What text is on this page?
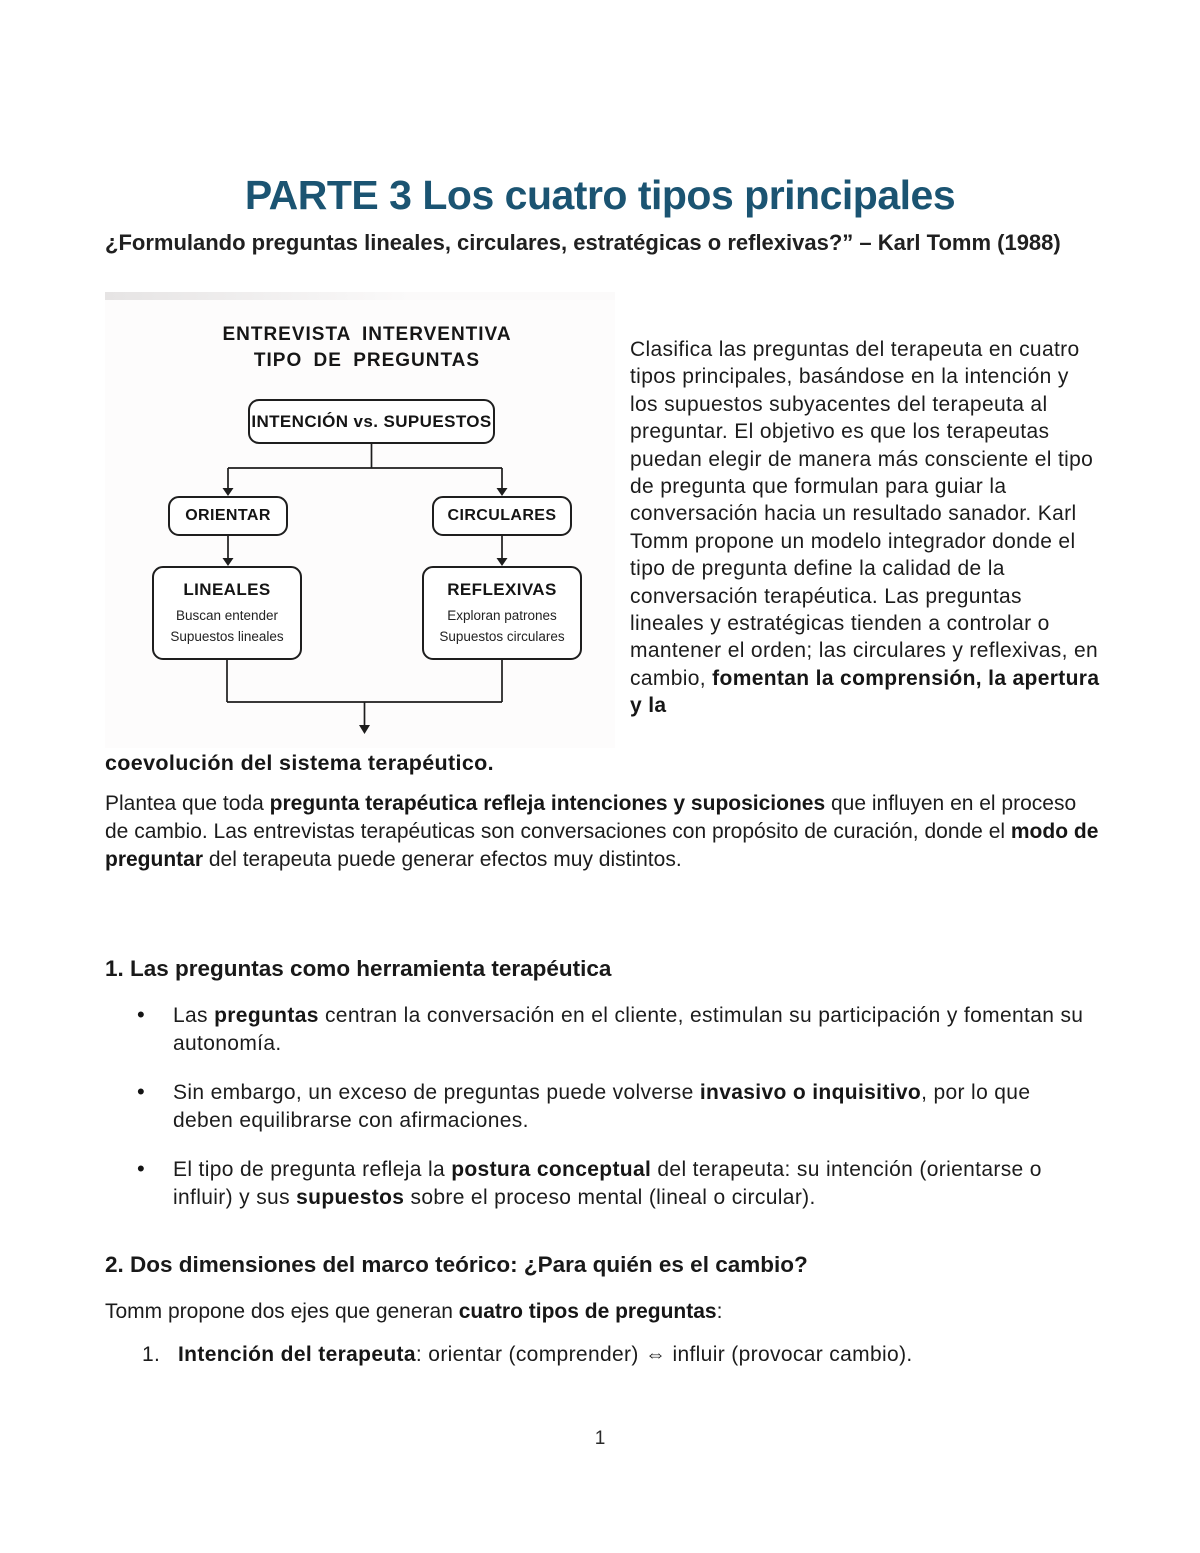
PARTE 3 Los cuatro tipos principales

¿Formulando preguntas lineales, circulares, estratégicas o reflexivas?” – Karl Tomm (1988)

ENTREVISTA INTERVENTIVA
TIPO DE PREGUNTAS
INTENCIÓN vs. SUPUESTOS
ORIENTAR	CIRCULARES
LINEALES
Buscan entender
Supuestos lineales
REFLEXIVAS
Exploran patrones
Supuestos circulares

Clasifica las preguntas del terapeuta en cuatro tipos principales, basándose en la intención y los supuestos subyacentes del terapeuta al preguntar. El objetivo es que los terapeutas puedan elegir de manera más consciente el tipo de pregunta que formulan para guiar la conversación hacia un resultado sanador. Karl Tomm propone un modelo integrador donde el tipo de pregunta define la calidad de la conversación terapéutica. Las preguntas lineales y estratégicas tienden a controlar o mantener el orden; las circulares y reflexivas, en cambio, fomentan la comprensión, la apertura y la

coevolución del sistema terapéutico.

Plantea que toda pregunta terapéutica refleja intenciones y suposiciones que influyen en el proceso de cambio. Las entrevistas terapéuticas son conversaciones con propósito de curación, donde el modo de preguntar del terapeuta puede generar efectos muy distintos.

1. Las preguntas como herramienta terapéutica
• Las preguntas centran la conversación en el cliente, estimulan su participación y fomentan su autonomía.
• Sin embargo, un exceso de preguntas puede volverse invasivo o inquisitivo, por lo que deben equilibrarse con afirmaciones.
• El tipo de pregunta refleja la postura conceptual del terapeuta: su intención (orientarse o influir) y sus supuestos sobre el proceso mental (lineal o circular).
2. Dos dimensiones del marco teórico: ¿Para quién es el cambio?

Tomm propone dos ejes que generan cuatro tipos de preguntas:

1. Intención del terapeuta: orientar (comprender) ⇔ influir (provocar cambio).
1
